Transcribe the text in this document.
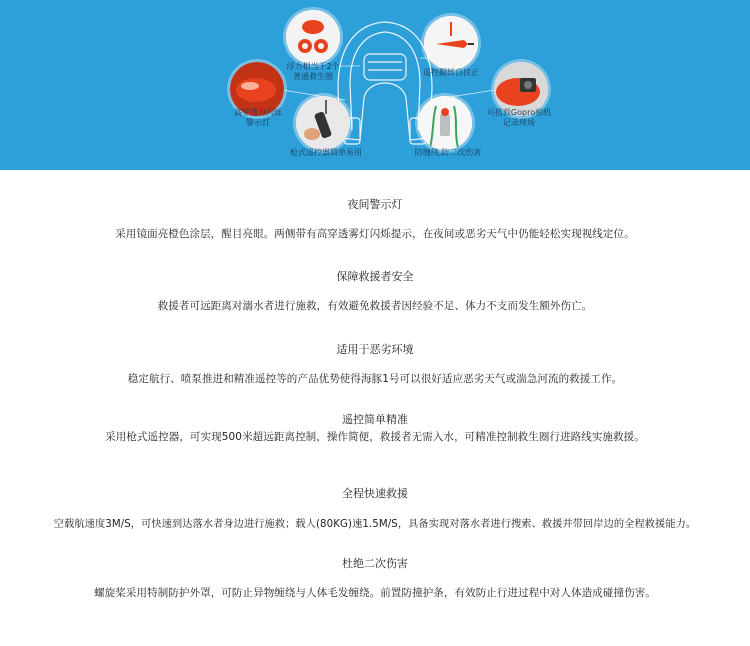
浮力相当于2个
普通救生圈	遥控翻转自扶正
高穿透力闪烁
警示灯
可搭载Gopro相机
记录现场
枪式遥控器简单易用	防缠绕,防二次伤害
夜间警示灯
采用镜面亮橙色涂层，醒目亮眼。两侧带有高穿透雾灯闪烁提示，在夜间或恶劣天气中仍能轻松实现视线定位。
保障救援者安全
救援者可远距离对溺水者进行施救，有效避免救援者因经验不足、体力不支而发生额外伤亡。
适用于恶劣环境
稳定航行、喷泵推进和精准遥控等的产品优势使得海豚1号可以很好适应恶劣天气或湍急河流的救援工作。
遥控简单精准
采用枪式遥控器，可实现500米超远距离控制，操作简便，救援者无需入水，可精准控制救生圈行进路线实施救援。
全程快速救援
空载航速度3M/S，可快速到达落水者身边进行施救；载人(80KG)速1.5M/S，具备实现对落水者进行搜索、救援并带回岸边的全程救援能力。
杜绝二次伤害
螺旋桨采用特制防护外罩，可防止异物缠绕与人体毛发缠绕。前置防撞护条，有效防止行进过程中对人体造成碰撞伤害。
